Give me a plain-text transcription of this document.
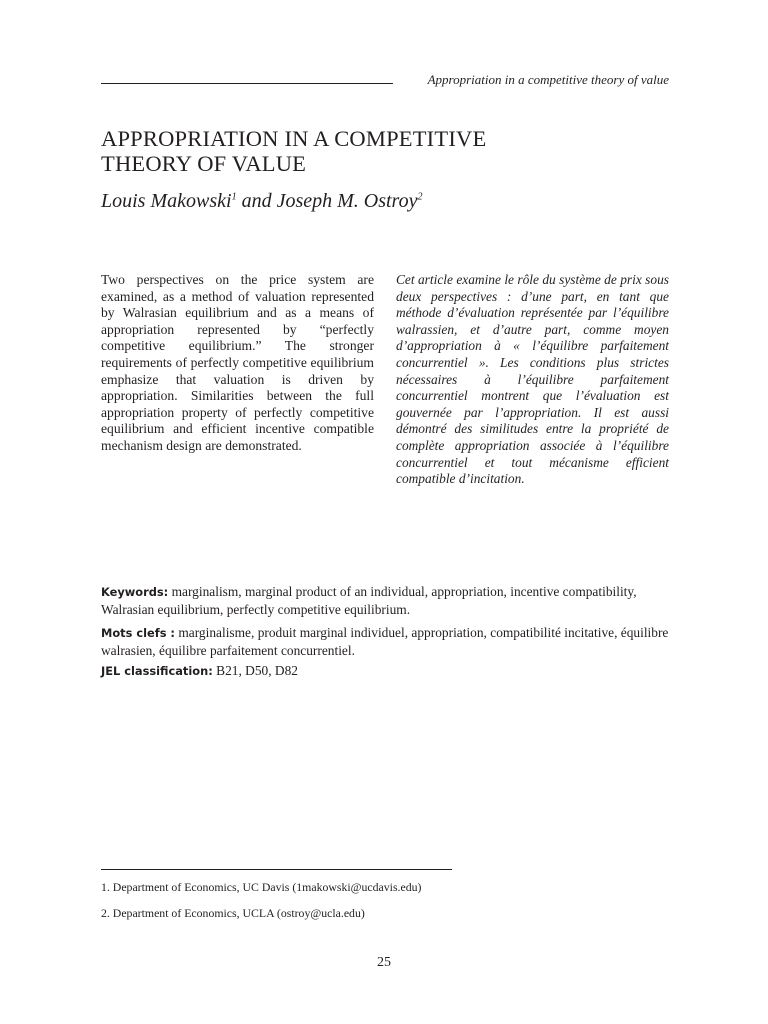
Appropriation in a competitive theory of value
APPROPRIATION IN A COMPETITIVE
THEORY OF VALUE

Louis Makowski$^1$ and Joseph M. Ostroy$^2$

Two perspectives on the price system are examined, as a method of valuation represented by Walrasian equilibrium and as a means of appropriation represented by “perfectly competitive equilibrium.” The stronger requirements of perfectly competitive equilibrium emphasize that valuation is driven by appropriation. Similarities between the full appropriation property of perfectly competitive equilibrium and efficient incentive compatible mechanism design are demonstrated.

Cet article examine le rôle du système de prix sous deux perspectives : d’une part, en tant que méthode d’évaluation représentée par l’équilibre walrassien, et d’autre part, comme moyen d’appropriation à « l’équilibre parfaitement concurrentiel ». Les conditions plus strictes nécessaires à l’équilibre parfaitement concurrentiel montrent que l’évaluation est gouvernée par l’appropriation. Il est aussi démontré des similitudes entre la propriété de complète appropriation associée à l’équilibre concurrentiel et tout mécanisme efficient compatible d’incitation.

Keywords: marginalism, marginal product of an individual, appropriation, incentive compatibility, Walrasian equilibrium, perfectly competitive equilibrium.

Mots clefs : marginalisme, produit marginal individuel, appropriation, compatibilité incitative, équilibre walrasien, équilibre parfaitement concurrentiel.

JEL classification: B21, D50, D82

1. Department of Economics, UC Davis (1makowski@ucdavis.edu)

2. Department of Economics, UCLA (ostroy@ucla.edu)

25
